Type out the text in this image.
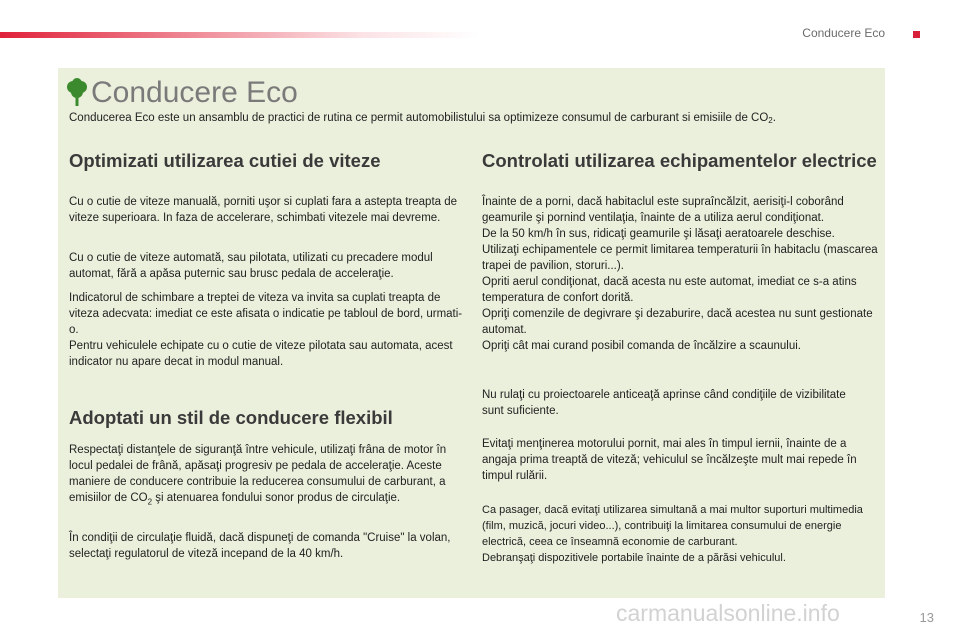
Conducere Eco
Conducere Eco
Conducerea Eco este un ansamblu de practici de rutina ce permit automobilistului sa optimizeze consumul de carburant si emisiile de $CO_2$.
Optimizati utilizarea cutiei de viteze
Cu o cutie de viteze manuală, porniti uşor si cuplati fara a astepta treapta de viteze superioara. In faza de accelerare, schimbati vitezele mai devreme.
Cu o cutie de viteze automată, sau pilotata, utilizati cu precadere modul automat, fără a apăsa puternic sau brusc pedala de acceleraţie.
Indicatorul de schimbare a treptei de viteza va invita sa cuplati treapta de viteza adecvata: imediat ce este afisata o indicatie pe tabloul de bord, urmati-o.
Pentru vehiculele echipate cu o cutie de viteze pilotata sau automata, acest indicator nu apare decat in modul manual.
Adoptati un stil de conducere flexibil
Respectaţi distanţele de siguranţă între vehicule, utilizaţi frâna de motor în locul pedalei de frână, apăsaţi progresiv pe pedala de acceleraţie. Aceste maniere de conducere contribuie la reducerea consumului de carburant, a emisiilor de $CO_2$ şi atenuarea fondului sonor produs de circulaţie.
În condiţii de circulaţie fluidă, dacă dispuneţi de comanda "Cruise" la volan, selectaţi regulatorul de viteză incepand de la 40 km/h.
Controlati utilizarea echipamentelor electrice
Înainte de a porni, dacă habitaclul este supraîncălzit, aerisiţi-l coborând geamurile şi pornind ventilaţia, înainte de a utiliza aerul condiţionat.
De la 50 km/h în sus, ridicaţi geamurile şi lăsaţi aeratoarele deschise.
Utilizaţi echipamentele ce permit limitarea temperaturii în habitaclu (mascarea trapei de pavilion, storuri...).
Opriti aerul condiţionat, dacă acesta nu este automat, imediat ce s-a atins temperatura de confort dorită.
Opriţi comenzile de degivrare şi dezaburire, dacă acestea nu sunt gestionate automat.
Opriţi cât mai curand posibil comanda de încălzire a scaunului.
Nu rulaţi cu proiectoarele anticeaţă aprinse când condiţiile de vizibilitate sunt suficiente.
Evitaţi menţinerea motorului pornit, mai ales în timpul iernii, înainte de a angaja prima treaptă de viteză; vehiculul se încălzeşte mult mai repede în timpul rulării.
Ca pasager, dacă evitaţi utilizarea simultană a mai multor suporturi multimedia (film, muzică, jocuri video...), contribuiţi la limitarea consumului de energie electrică, ceea ce înseamnă economie de carburant.
Debranşaţi dispozitivele portabile înainte de a părăsi vehiculul.
carmanualsonline.info	13
